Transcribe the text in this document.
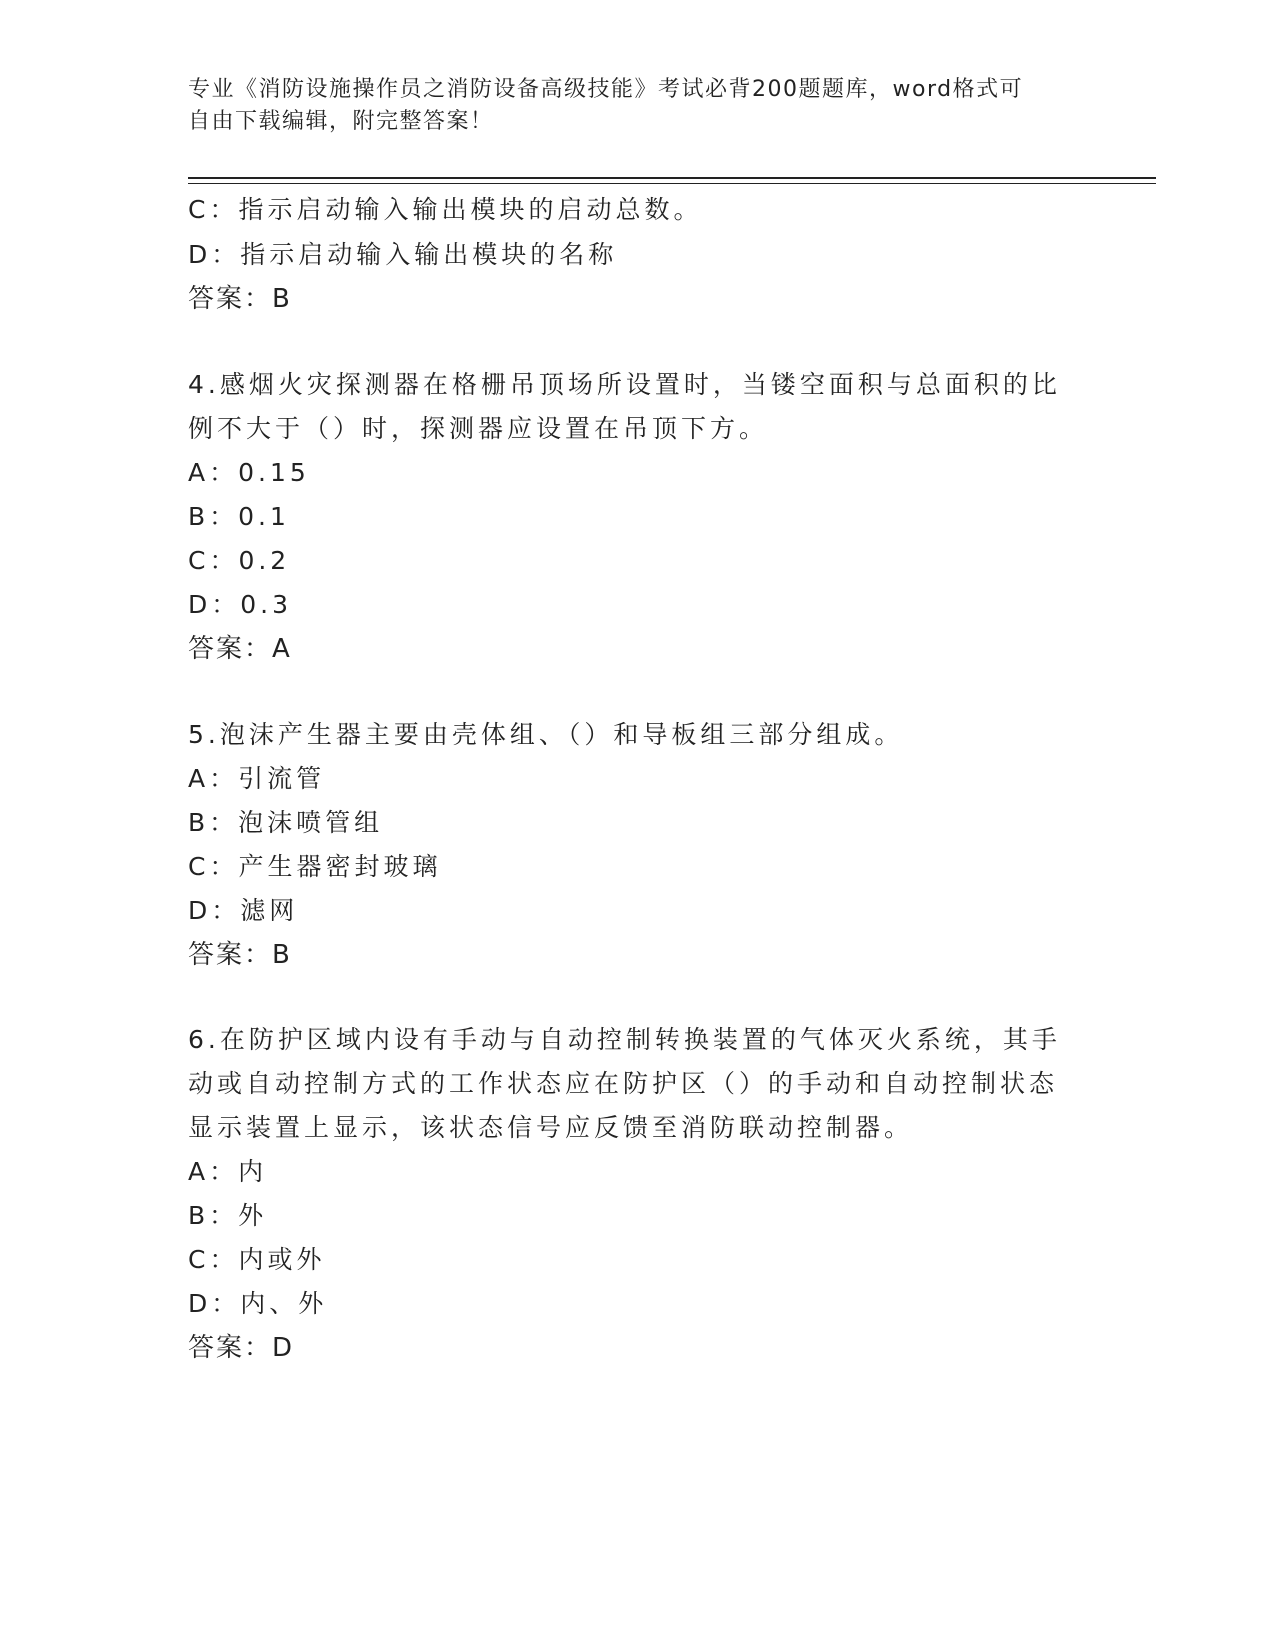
专业《消防设施操作员之消防设备高级技能》考试必背200题题库，word格式可
自由下载编辑，附完整答案！
C：指示启动输入输出模块的启动总数。
D：指示启动输入输出模块的名称
答案：B
4.感烟火灾探测器在格栅吊顶场所设置时，当镂空面积与总面积的比
例不大于（）时，探测器应设置在吊顶下方。
A：0.15
B：0.1
C：0.2
D：0.3
答案：A
5.泡沫产生器主要由壳体组、（）和导板组三部分组成。
A：引流管
B：泡沫喷管组
C：产生器密封玻璃
D：滤网
答案：B
6.在防护区域内设有手动与自动控制转换装置的气体灭火系统，其手
动或自动控制方式的工作状态应在防护区（）的手动和自动控制状态
显示装置上显示，该状态信号应反馈至消防联动控制器。
A：内
B：外
C：内或外
D：内、外
答案：D
